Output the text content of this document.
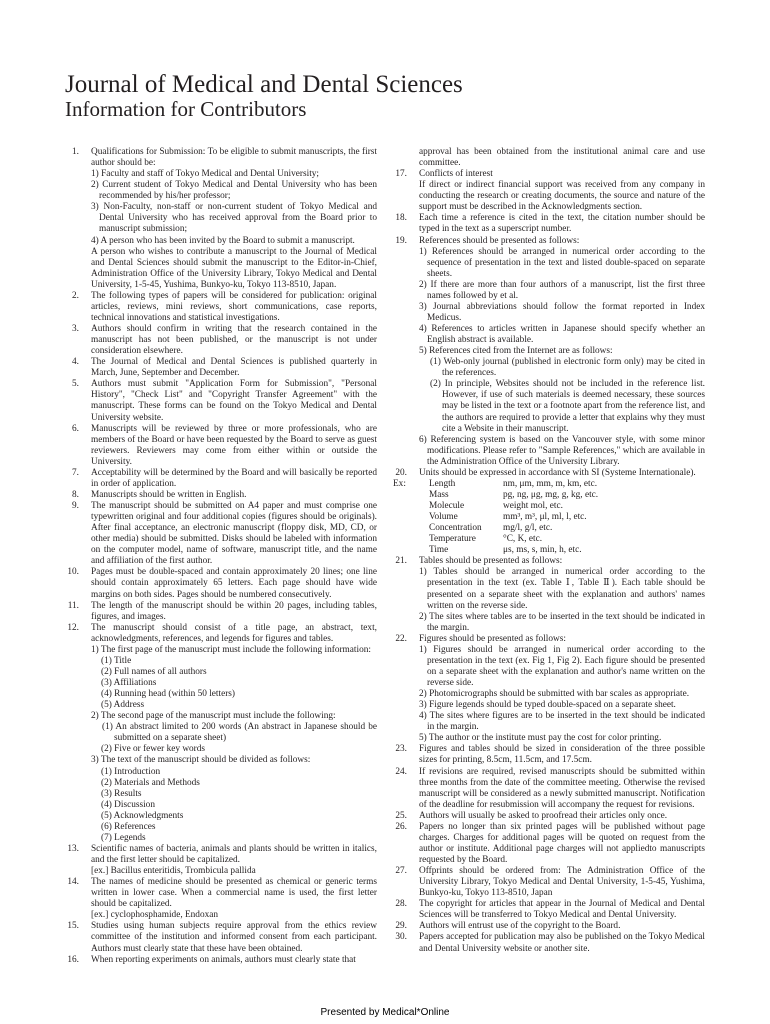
Journal of Medical and Dental Sciences
Information for Contributors
1. Qualifications for Submission: To be eligible to submit manuscripts, the first author should be:

1) Faculty and staff of Tokyo Medical and Dental University;

2) Current student of Tokyo Medical and Dental University who has been recommended by his/her professor;

3) Non-Faculty, non-staff or non-current student of Tokyo Medical and Dental University who has received approval from the Board prior to manuscript submission;

4) A person who has been invited by the Board to submit a manuscript.

A person who wishes to contribute a manuscript to the Journal of Medical and Dental Sciences should submit the manuscript to the Editor-in-Chief, Administration Office of the University Library, Tokyo Medical and Dental University, 1-5-45, Yushima, Bunkyo-ku, Tokyo 113-8510, Japan.

2. The following types of papers will be considered for publication: original articles, reviews, mini reviews, short communications, case reports, technical innovations and statistical investigations.

3. Authors should confirm in writing that the research contained in the manuscript has not been published, or the manuscript is not under consideration elsewhere.

4. The Journal of Medical and Dental Sciences is published quarterly in March, June, September and December.

5. Authors must submit "Application Form for Submission", "Personal History", "Check List" and "Copyright Transfer Agreement" with the manuscript. These forms can be found on the Tokyo Medical and Dental University website.

6. Manuscripts will be reviewed by three or more professionals, who are members of the Board or have been requested by the Board to serve as guest reviewers. Reviewers may come from either within or outside the University.

7. Acceptability will be determined by the Board and will basically be reported in order of application.

8. Manuscripts should be written in English.

9. The manuscript should be submitted on A4 paper and must comprise one typewritten original and four additional copies (figures should be originals). After final acceptance, an electronic manuscript (floppy disk, MD, CD, or other media) should be submitted. Disks should be labeled with information on the computer model, name of software, manuscript title, and the name and affiliation of the first author.

10. Pages must be double-spaced and contain approximately 20 lines; one line should contain approximately 65 letters. Each page should have wide margins on both sides. Pages should be numbered consecutively.

11. The length of the manuscript should be within 20 pages, including tables, figures, and images.

12. The manuscript should consist of a title page, an abstract, text, acknowledgments, references, and legends for figures and tables.

1) The first page of the manuscript must include the following information:

(1) Title

(2) Full names of all authors

(3) Affiliations

(4) Running head (within 50 letters)

(5) Address

2) The second page of the manuscript must include the following:

(1) An abstract limited to 200 words (An abstract in Japanese should be submitted on a separate sheet)

(2) Five or fewer key words

3) The text of the manuscript should be divided as follows:

(1) Introduction

(2) Materials and Methods

(3) Results

(4) Discussion

(5) Acknowledgments

(6) References

(7) Legends

13. Scientific names of bacteria, animals and plants should be written in italics, and the first letter should be capitalized.

[ex.] Bacillus enteritidis, Trombicula pallida

14. The names of medicine should be presented as chemical or generic terms written in lower case. When a commercial name is used, the first letter should be capitalized.

[ex.] cyclophosphamide, Endoxan

15. Studies using human subjects require approval from the ethics review committee of the institution and informed consent from each participant. Authors must clearly state that these have been obtained.

16. When reporting experiments on animals, authors must clearly state that

approval has been obtained from the institutional animal care and use committee.

17. Conflicts of interest

If direct or indirect financial support was received from any company in conducting the research or creating documents, the source and nature of the support must be described in the Acknowledgments section.

18. Each time a reference is cited in the text, the citation number should be typed in the text as a superscript number.

19. References should be presented as follows:

1) References should be arranged in numerical order according to the sequence of presentation in the text and listed double-spaced on separate sheets.

2) If there are more than four authors of a manuscript, list the first three names followed by et al.

3) Journal abbreviations should follow the format reported in Index Medicus.

4) References to articles written in Japanese should specify whether an English abstract is available.

5) References cited from the Internet are as follows:

(1) Web-only journal (published in electronic form only) may be cited in the references.

(2) In principle, Websites should not be included in the reference list. However, if use of such materials is deemed necessary, these sources may be listed in the text or a footnote apart from the reference list, and the authors are required to provide a letter that explains why they must cite a Website in their manuscript.

6) Referencing system is based on the Vancouver style, with some minor modifications. Please refer to "Sample References," which are available in the Administration Office of the University Library.

20. Units should be expressed in accordance with SI (Systeme Internationale).

Ex: Length	nm, μm, mm, m, km, etc.
Mass	pg, ng, μg, mg, g, kg, etc.
Molecule	weight mol, etc.
Volume	mm³, m³, μl, ml, l, etc.
Concentration	mg/l, g/l, etc.
Temperature	°C, K, etc.
Time	μs, ms, s, min, h, etc.
21. Tables should be presented as follows:

1) Tables should be arranged in numerical order according to the presentation in the text (ex. Table Ⅰ, Table Ⅱ). Each table should be presented on a separate sheet with the explanation and authors' names written on the reverse side.

2) The sites where tables are to be inserted in the text should be indicated in the margin.

22. Figures should be presented as follows:

1) Figures should be arranged in numerical order according to the presentation in the text (ex. Fig 1, Fig 2). Each figure should be presented on a separate sheet with the explanation and author's name written on the reverse side.

2) Photomicrographs should be submitted with bar scales as appropriate.

3) Figure legends should be typed double-spaced on a separate sheet.

4) The sites where figures are to be inserted in the text should be indicated in the margin.

5) The author or the institute must pay the cost for color printing.

23. Figures and tables should be sized in consideration of the three possible sizes for printing, 8.5cm, 11.5cm, and 17.5cm.

24. If revisions are required, revised manuscripts should be submitted within three months from the date of the committee meeting. Otherwise the revised manuscript will be considered as a newly submitted manuscript. Notification of the deadline for resubmission will accompany the request for revisions.

25. Authors will usually be asked to proofread their articles only once.

26. Papers no longer than six printed pages will be published without page charges. Charges for additional pages will be quoted on request from the author or institute. Additional page charges will not appliedto manuscripts requested by the Board.

27. Offprints should be ordered from: The Administration Office of the University Library, Tokyo Medical and Dental University, 1-5-45, Yushima, Bunkyo-ku, Tokyo 113-8510, Japan

28. The copyright for articles that appear in the Journal of Medical and Dental Sciences will be transferred to Tokyo Medical and Dental University.

29. Authors will entrust use of the copyright to the Board.

30. Papers accepted for publication may also be published on the Tokyo Medical and Dental University website or another site.

Presented by Medical*Online
